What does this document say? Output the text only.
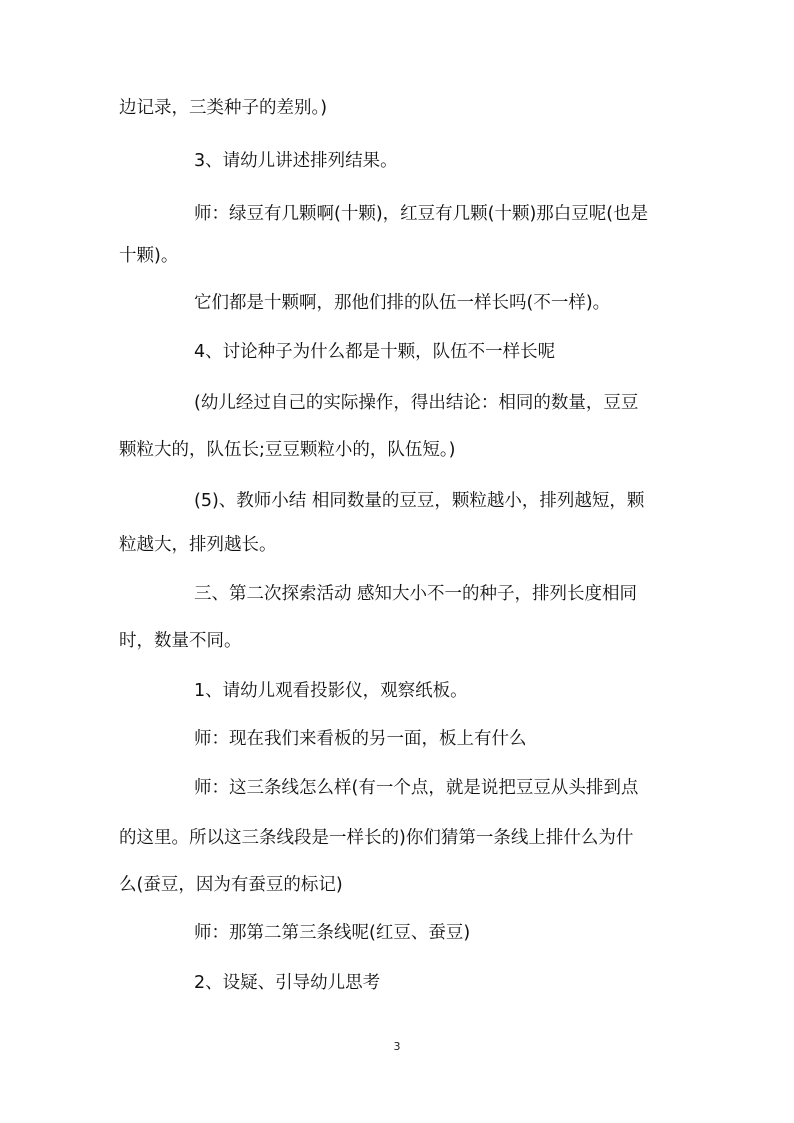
边记录，三类种子的差别。)
3、请幼儿讲述排列结果。
师：绿豆有几颗啊(十颗)，红豆有几颗(十颗)那白豆呢(也是
十颗)。
它们都是十颗啊，那他们排的队伍一样长吗(不一样)。
4、讨论种子为什么都是十颗，队伍不一样长呢
(幼儿经过自己的实际操作，得出结论：相同的数量，豆豆
颗粒大的，队伍长;豆豆颗粒小的，队伍短。)
(5)、教师小结 相同数量的豆豆，颗粒越小，排列越短，颗
粒越大，排列越长。
三、第二次探索活动 感知大小不一的种子，排列长度相同
时，数量不同。
1、请幼儿观看投影仪，观察纸板。
师：现在我们来看板的另一面，板上有什么
师：这三条线怎么样(有一个点，就是说把豆豆从头排到点
的这里。所以这三条线段是一样长的)你们猜第一条线上排什么为什
么(蚕豆，因为有蚕豆的标记)
师：那第二第三条线呢(红豆、蚕豆)
2、设疑、引导幼儿思考
3
